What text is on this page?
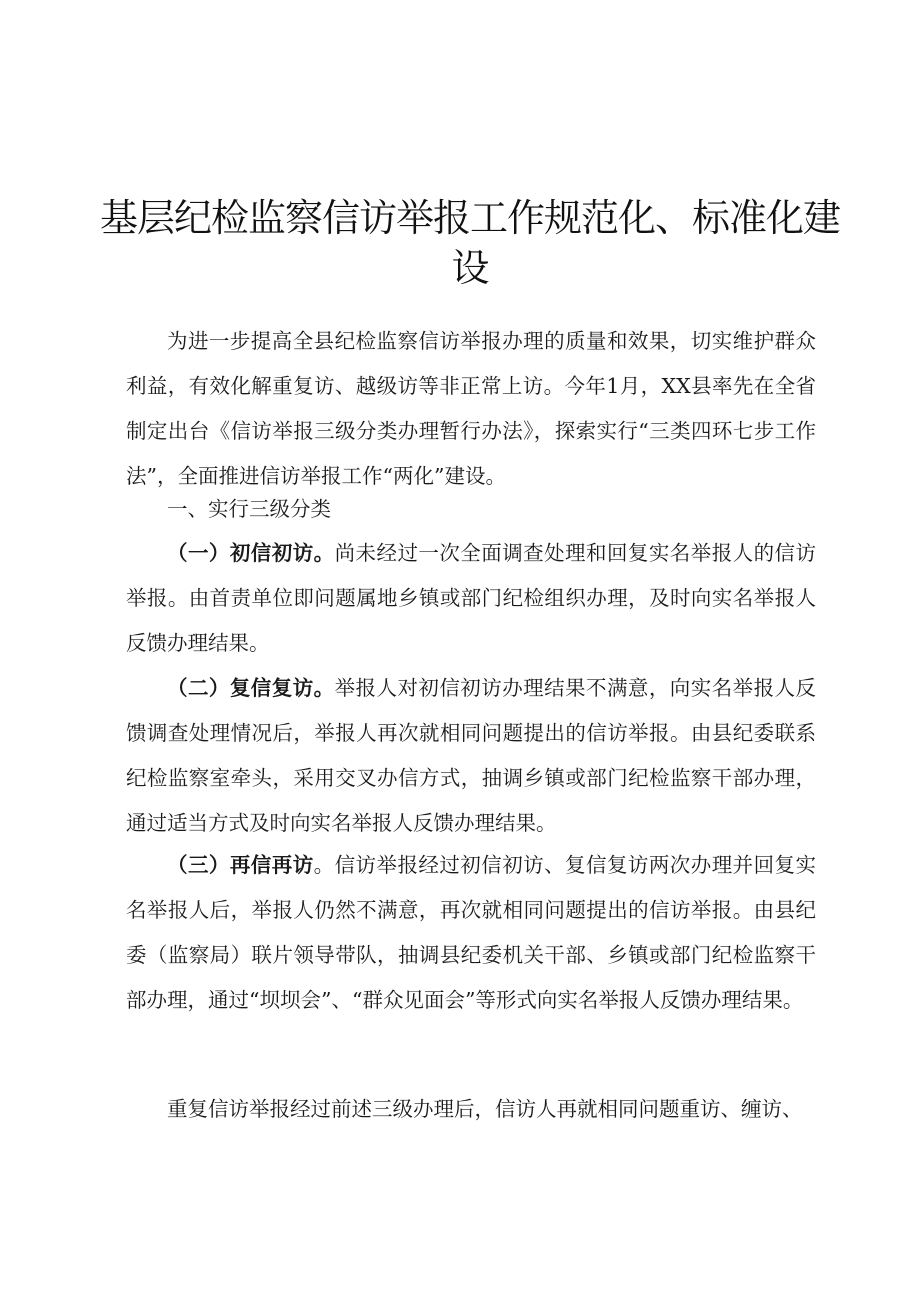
基层纪检监察信访举报工作规范化、标准化建设

为进一步提高全县纪检监察信访举报办理的质量和效果，切实维护群众利益，有效化解重复访、越级访等非正常上访。今年1月，XX县率先在全省制定出台《信访举报三级分类办理暂行办法》，探索实行“三类四环七步工作法”，全面推进信访举报工作“两化”建设。

一、实行三级分类

（一）初信初访。尚未经过一次全面调查处理和回复实名举报人的信访举报。由首责单位即问题属地乡镇或部门纪检组织办理，及时向实名举报人反馈办理结果。

（二）复信复访。举报人对初信初访办理结果不满意，向实名举报人反馈调查处理情况后，举报人再次就相同问题提出的信访举报。由县纪委联系纪检监察室牵头，采用交叉办信方式，抽调乡镇或部门纪检监察干部办理，通过适当方式及时向实名举报人反馈办理结果。

（三）再信再访。信访举报经过初信初访、复信复访两次办理并回复实名举报人后，举报人仍然不满意，再次就相同问题提出的信访举报。由县纪委（监察局）联片领导带队，抽调县纪委机关干部、乡镇或部门纪检监察干部办理，通过“坝坝会”、“群众见面会”等形式向实名举报人反馈办理结果。

重复信访举报经过前述三级办理后，信访人再就相同问题重访、缠访、
